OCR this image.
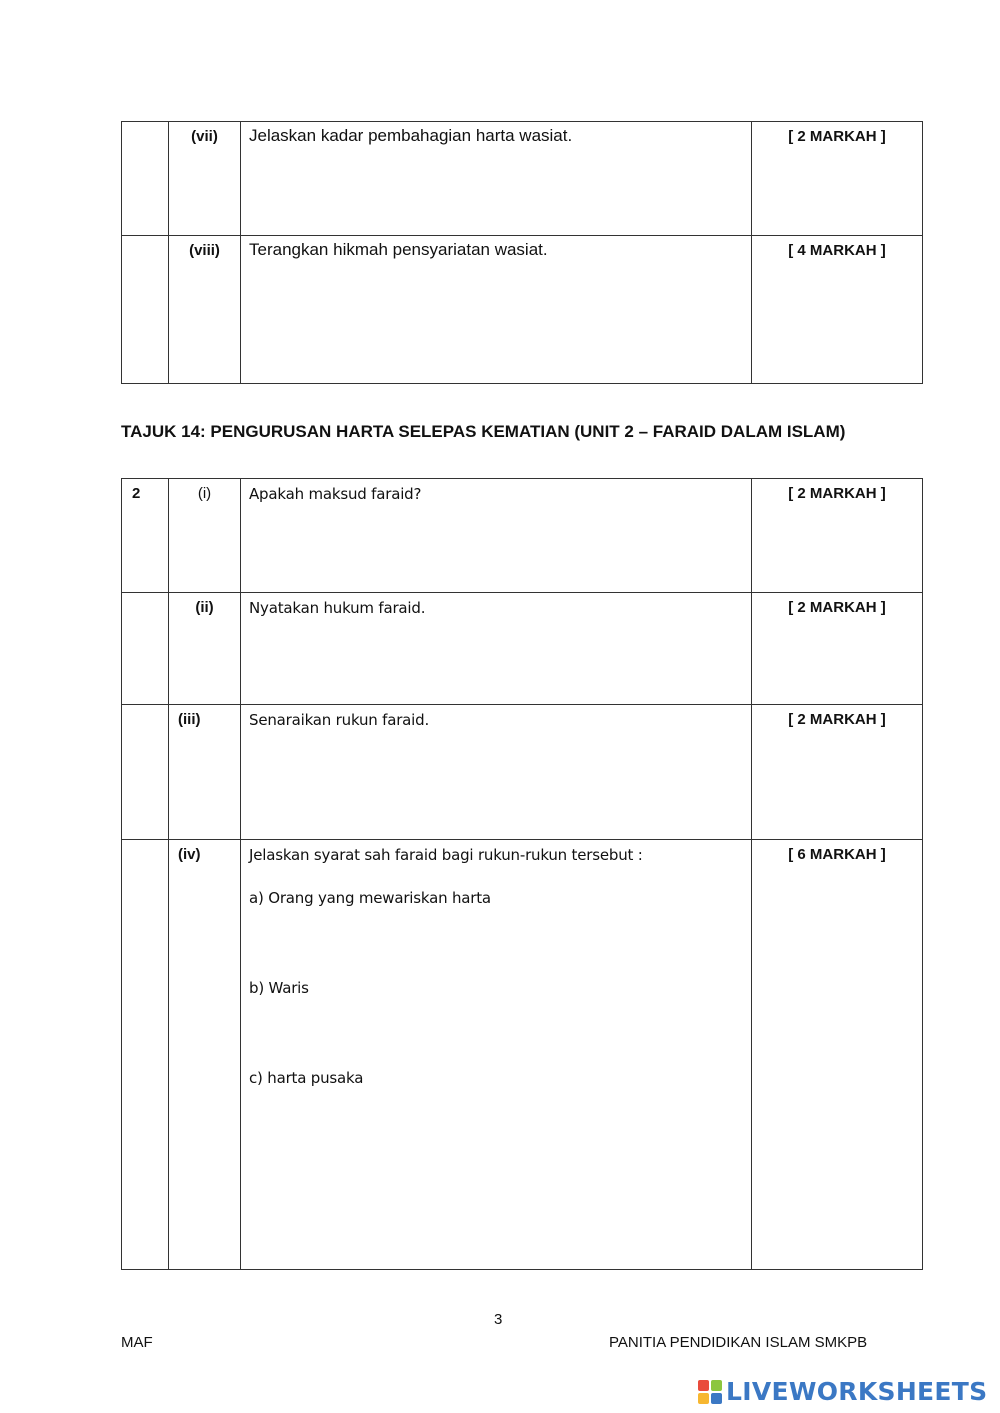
	(vii)	Jelaskan kadar pembahagian harta wasiat.	[ 2 MARKAH ]
	(viii)	Terangkan hikmah pensyariatan wasiat.	[ 4 MARKAH ]
TAJUK 14: PENGURUSAN HARTA SELEPAS KEMATIAN (UNIT 2 – FARAID DALAM ISLAM)
2	(i)	Apakah maksud faraid?	[ 2 MARKAH ]
	(ii)	Nyatakan hukum faraid.	[ 2 MARKAH ]
	(iii)	Senaraikan rukun faraid.	[ 2 MARKAH ]
	(iv)	Jelaskan syarat sah faraid bagi rukun-rukun tersebut :
a) Orang yang mewariskan harta
b) Waris
c) harta pusaka	[ 6 MARKAH ]
3
MAF	PANITIA PENDIDIKAN ISLAM SMKPB
LIVEWORKSHEETS
